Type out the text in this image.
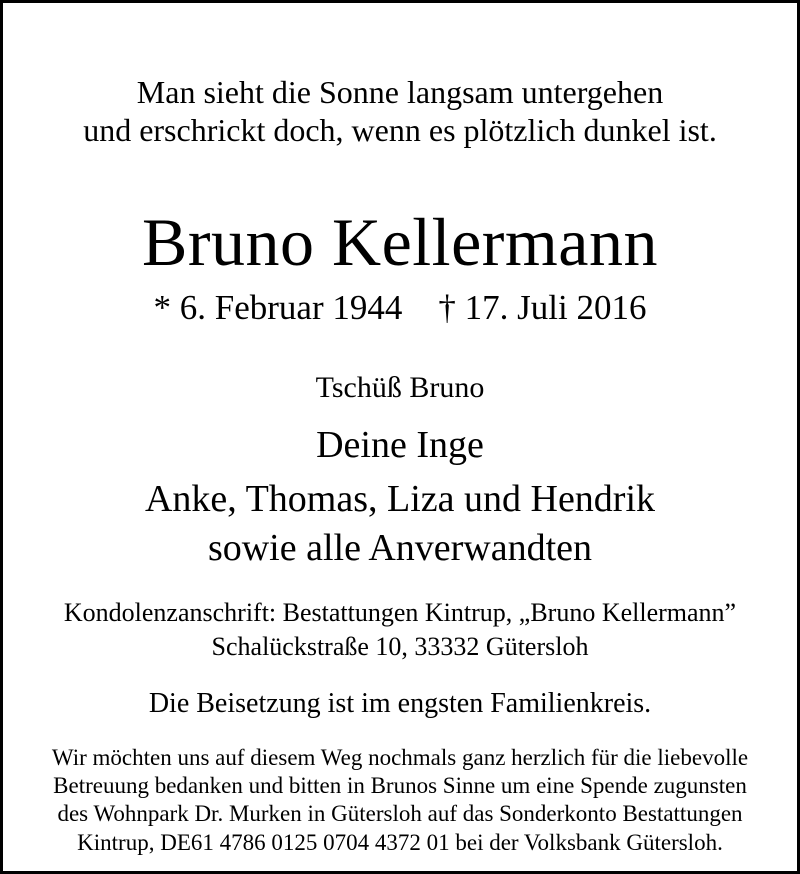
Man sieht die Sonne langsam untergehen
und erschrickt doch, wenn es plötzlich dunkel ist.
Bruno Kellermann
* 6. Februar 1944 † 17. Juli 2016
Tschüß Bruno
Deine Inge
Anke, Thomas, Liza und Hendrik
sowie alle Anverwandten
Kondolenzanschrift: Bestattungen Kintrup, „Bruno Kellermann”
Schalückstraße 10, 33332 Gütersloh
Die Beisetzung ist im engsten Familienkreis.
Wir möchten uns auf diesem Weg nochmals ganz herzlich für die liebevolle
Betreuung bedanken und bitten in Brunos Sinne um eine Spende zugunsten
des Wohnpark Dr. Murken in Gütersloh auf das Sonderkonto Bestattungen
Kintrup, DE61 4786 0125 0704 4372 01 bei der Volksbank Gütersloh.
